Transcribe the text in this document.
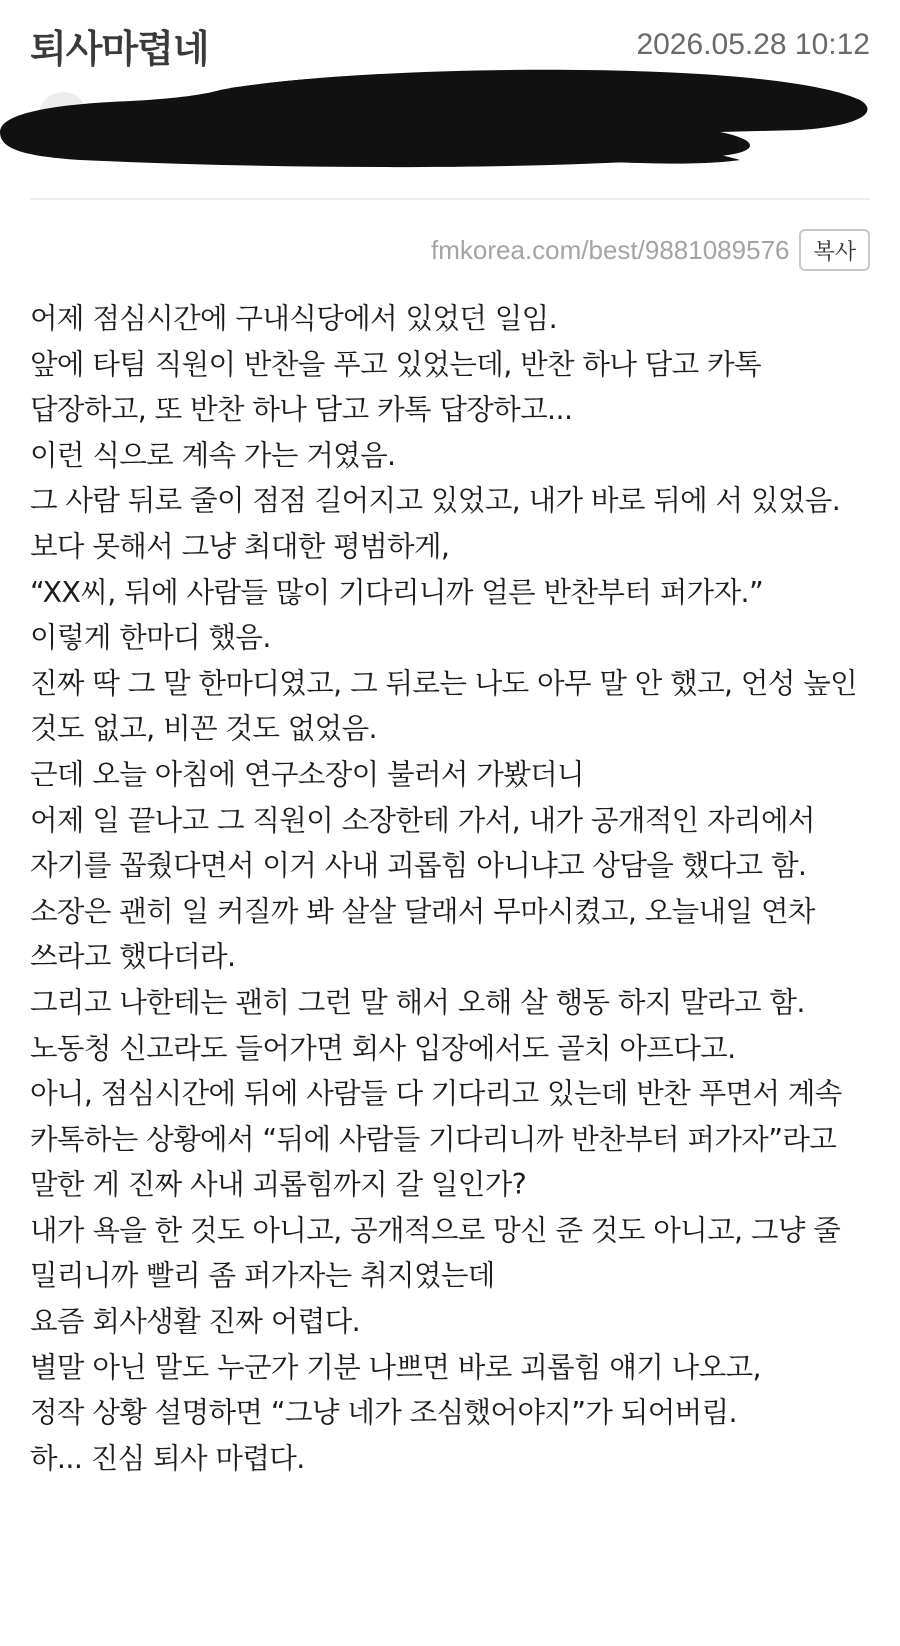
퇴사마렵네	2026.05.28 10:12
fmkorea.com/best/9881089576	복사
어제 점심시간에 구내식당에서 있었던 일임.
앞에 타팀 직원이 반찬을 푸고 있었는데, 반찬 하나 담고 카톡 답장하고, 또 반찬 하나 담고 카톡 답장하고...
이런 식으로 계속 가는 거였음.
그 사람 뒤로 줄이 점점 길어지고 있었고, 내가 바로 뒤에 서 있었음.
보다 못해서 그냥 최대한 평범하게,
“XX씨, 뒤에 사람들 많이 기다리니까 얼른 반찬부터 퍼가자.”
이렇게 한마디 했음.
진짜 딱 그 말 한마디였고, 그 뒤로는 나도 아무 말 안 했고, 언성 높인 것도 없고, 비꼰 것도 없었음.
근데 오늘 아침에 연구소장이 불러서 가봤더니
어제 일 끝나고 그 직원이 소장한테 가서, 내가 공개적인 자리에서 자기를 꼽줬다면서 이거 사내 괴롭힘 아니냐고 상담을 했다고 함.
소장은 괜히 일 커질까 봐 살살 달래서 무마시켰고, 오늘내일 연차 쓰라고 했다더라.
그리고 나한테는 괜히 그런 말 해서 오해 살 행동 하지 말라고 함.
노동청 신고라도 들어가면 회사 입장에서도 골치 아프다고.
아니, 점심시간에 뒤에 사람들 다 기다리고 있는데 반찬 푸면서 계속 카톡하는 상황에서 “뒤에 사람들 기다리니까 반찬부터 퍼가자”라고 말한 게 진짜 사내 괴롭힘까지 갈 일인가?
내가 욕을 한 것도 아니고, 공개적으로 망신 준 것도 아니고, 그냥 줄 밀리니까 빨리 좀 퍼가자는 취지였는데
요즘 회사생활 진짜 어렵다.
별말 아닌 말도 누군가 기분 나쁘면 바로 괴롭힘 얘기 나오고,
정작 상황 설명하면 “그냥 네가 조심했어야지”가 되어버림.
하... 진심 퇴사 마렵다.
